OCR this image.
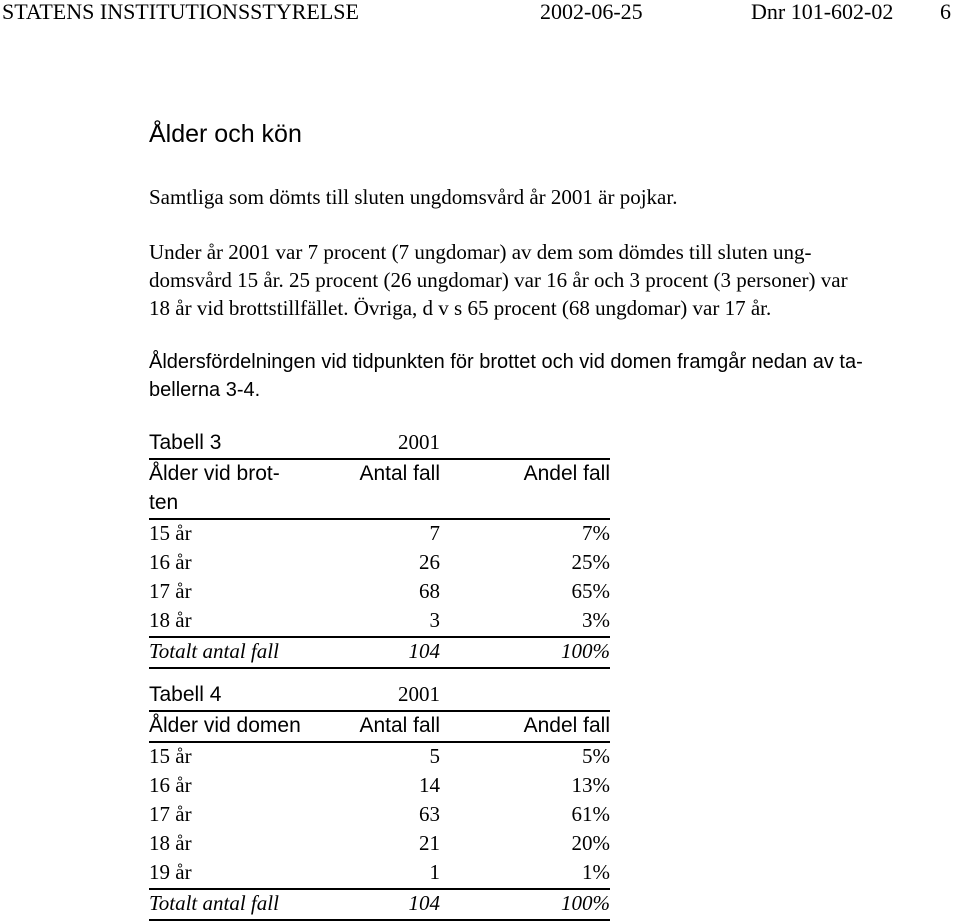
STATENS INSTITUTIONSSTYRELSE	2002-06-25	Dnr 101-602-02 6
Ålder och kön
Samtliga som dömts till sluten ungdomsvård år 2001 är pojkar.
Under år 2001 var 7 procent (7 ungdomar) av dem som dömdes till sluten ung-
domsvård 15 år. 25 procent (26 ungdomar) var 16 år och 3 procent (3 personer) var
18 år vid brottstillfället. Övriga, d v s 65 procent (68 ungdomar) var 17 år.
Åldersfördelningen vid tidpunkten för brottet och vid domen framgår nedan av ta-
bellerna 3-4.
Tabell 3	2001	
Ålder vid brot-	Antal fall	Andel fall
ten		
15 år	7	7%
16 år	26	25%
17 år	68	65%
18 år	3	3%
Totalt antal fall	104	100%
Tabell 4	2001	
Ålder vid domen	Antal fall	Andel fall
15 år	5	5%
16 år	14	13%
17 år	63	61%
18 år	21	20%
19 år	1	1%
Totalt antal fall	104	100%
